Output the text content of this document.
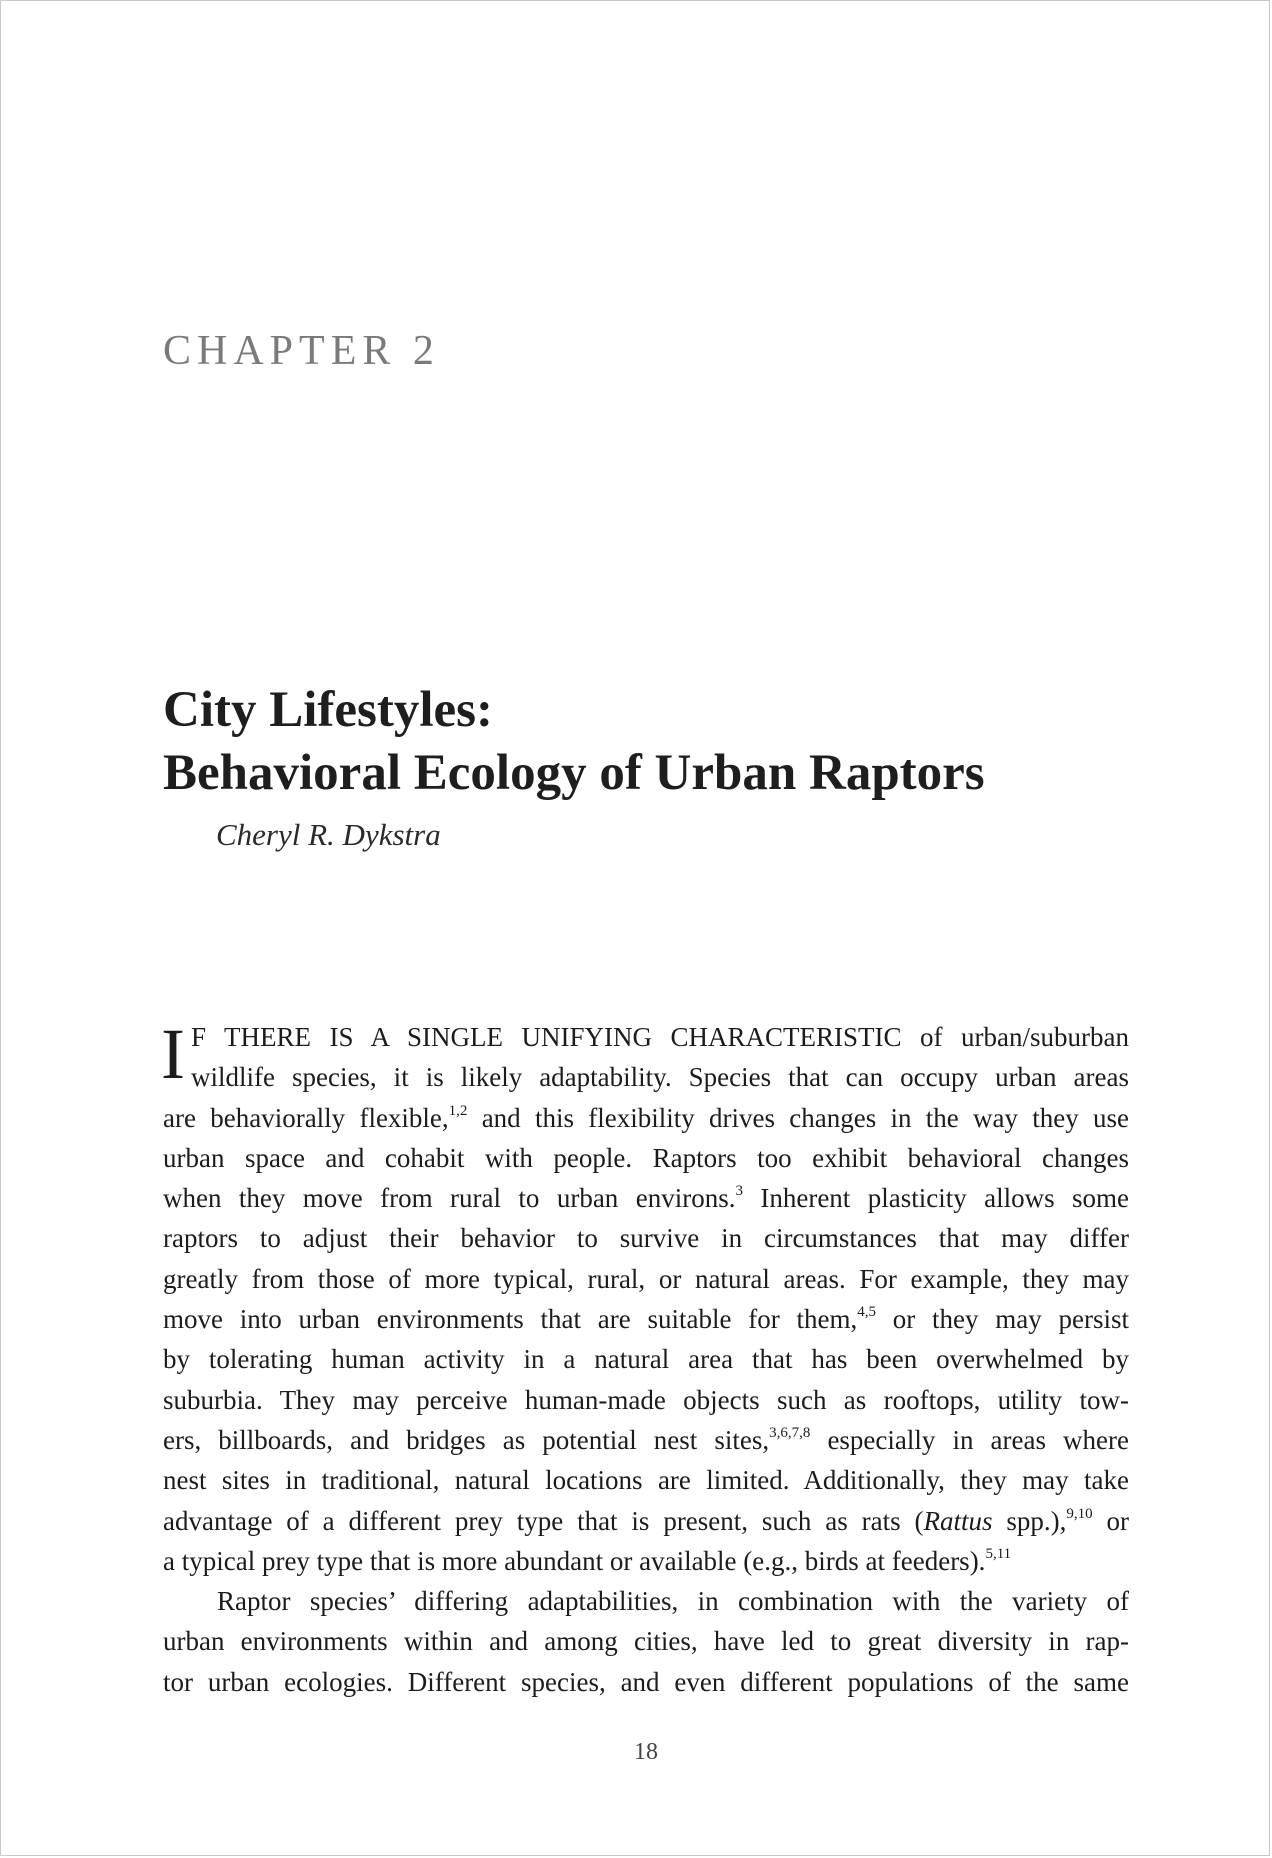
CHAPTER 2
City Lifestyles:
Behavioral Ecology of Urban Raptors
Cheryl R. Dykstra
I F THERE IS A SINGLE UNIFYING CHARACTERISTIC of urban/suburban
wildlife species, it is likely adaptability. Species that can occupy urban areas
are behaviorally flexible,$^{1,2}$ and this flexibility drives changes in the way they use
urban space and cohabit with people. Raptors too exhibit behavioral changes
when they move from rural to urban environs.$^3$ Inherent plasticity allows some
raptors to adjust their behavior to survive in circumstances that may differ
greatly from those of more typical, rural, or natural areas. For example, they may
move into urban environments that are suitable for them,$^{4,5}$ or they may persist
by tolerating human activity in a natural area that has been overwhelmed by
suburbia. They may perceive human-made objects such as rooftops, utility tow-
ers, billboards, and bridges as potential nest sites,$^{3,6,7,8}$ especially in areas where
nest sites in traditional, natural locations are limited. Additionally, they may take
advantage of a different prey type that is present, such as rats (Rattus spp.),$^{9,10}$ or
a typical prey type that is more abundant or available (e.g., birds at feeders).$^{5,11}$
Raptor species’ differing adaptabilities, in combination with the variety of
urban environments within and among cities, have led to great diversity in rap-
tor urban ecologies. Different species, and even different populations of the same
18
